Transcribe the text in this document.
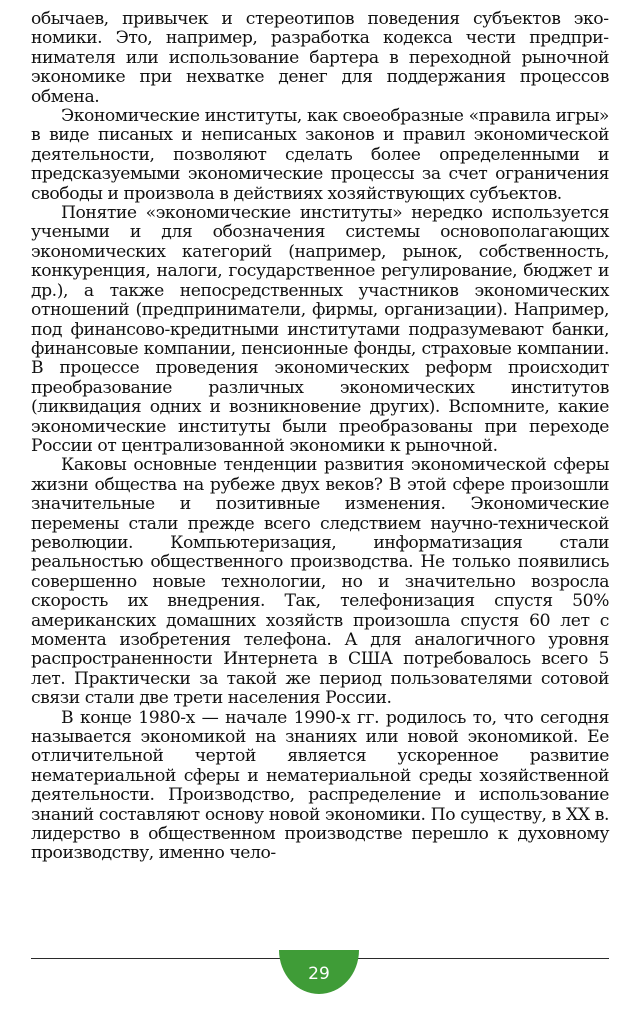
обычаев, привычек и стереотипов поведения субъектов экономики. Это, например, разработка кодекса чести предпринимателя или использование бартера в переходной рыночной экономике при нехватке денег для поддержания процессов обмена.

Экономические институты, как своеобразные «правила игры» в виде писаных и неписаных законов и правил экономической деятельности, позволяют сделать более определенными и предсказуемыми экономические процессы за счет ограничения свободы и произвола в действиях хозяйствующих субъектов.

Понятие «экономические институты» нередко используется учеными и для обозначения системы основополагающих экономических категорий (например, рынок, собственность, конкуренция, налоги, государственное регулирование, бюджет и др.), а также непосредственных участников экономических отношений (предприниматели, фирмы, организации). Например, под финансово-кредитными институтами подразумевают банки, финансовые компании, пенсионные фонды, страховые компании. В процессе проведения экономических реформ происходит преобразование различных экономических институтов (ликвидация одних и возникновение других). Вспомните, какие экономические институты были преобразованы при переходе России от централизованной экономики к рыночной.

Каковы основные тенденции развития экономической сферы жизни общества на рубеже двух веков? В этой сфере произошли значительные и позитивные изменения. Экономические перемены стали прежде всего следствием научно-технической революции. Компьютеризация, информатизация стали реальностью общественного производства. Не только появились совершенно новые технологии, но и значительно возросла скорость их внедрения. Так, телефонизация спустя 50% американских домашних хозяйств произошла спустя 60 лет с момента изобретения телефона. А для аналогичного уровня распространенности Интернета в США потребовалось всего 5 лет. Практически за такой же период пользователями сотовой связи стали две трети населения России.

В конце 1980-х — начале 1990-х гг. родилось то, что сегодня называется экономикой на знаниях или новой экономикой. Ее отличительной чертой является ускоренное развитие нематериальной сферы и нематериальной среды хозяйственной деятельности. Производство, распределение и использование знаний составляют основу новой экономики. По существу, в XX в. лидерство в общественном производстве перешло к духовному производству, именно чело-

29
